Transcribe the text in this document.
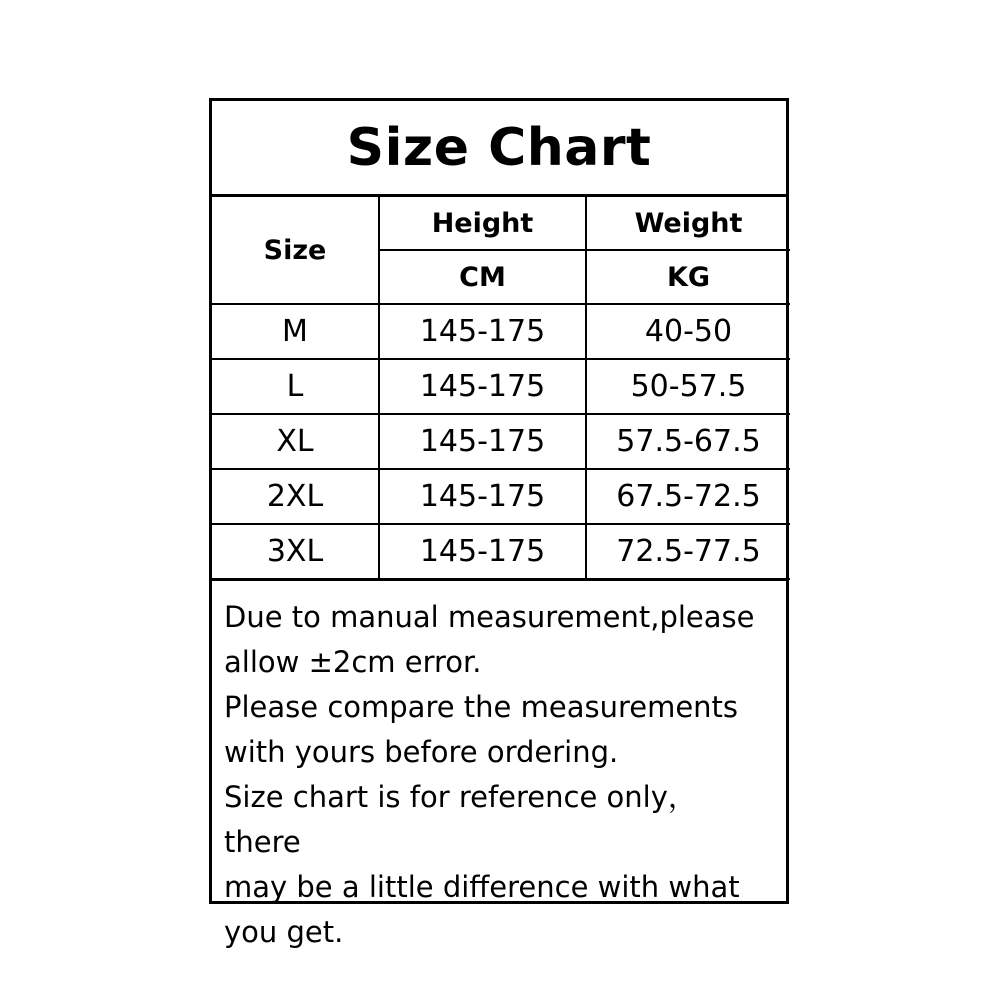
Size Chart
Size	Height	Weight
	CM	KG
M	145-175	40-50
L	145-175	50-57.5
XL	145-175	57.5-67.5
2XL	145-175	67.5-72.5
3XL	145-175	72.5-77.5
Due to manual measurement,please
allow ±2cm error.
Please compare the measurements
with yours before ordering.
Size chart is for reference only，  there
may be a little difference with what
you get.
